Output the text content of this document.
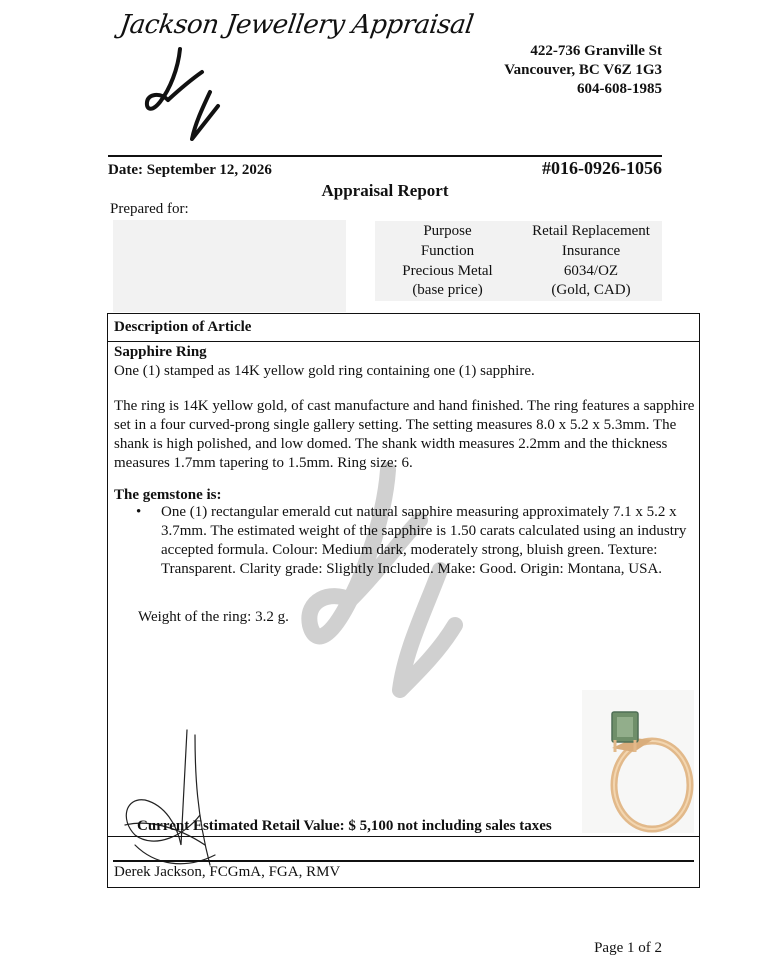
Jackson Jewellery Appraisal
422-736 Granville St
Vancouver, BC V6Z 1G3
604-608-1985
Date: September 12, 2026	#016-0926-1056
Appraisal Report
Prepared for:
Purpose	Retail Replacement
Function	Insurance
Precious Metal	6034/OZ
(base price)	(Gold, CAD)
Description of Article
Sapphire Ring
One (1) stamped as 14K yellow gold ring containing one (1) sapphire.
The ring is 14K yellow gold, of cast manufacture and hand finished. The ring features a sapphire set in a four curved-prong single gallery setting. The setting measures 8.0 x 5.2 x 5.3mm. The shank is high polished, and low domed. The shank width measures 2.2mm and the thickness measures 1.7mm tapering to 1.5mm. Ring size: 6.
The gemstone is:
• One (1) rectangular emerald cut natural sapphire measuring approximately 7.1 x 5.2 x 3.7mm. The estimated weight of the sapphire is 1.50 carats calculated using an industry accepted formula. Colour: Medium dark, moderately strong, bluish green. Texture: Transparent. Clarity grade: Slightly Included. Make: Good. Origin: Montana, USA.
Weight of the ring: 3.2 g.
Current Estimated Retail Value: $ 5,100 not including sales taxes
Derek Jackson, FCGmA, FGA, RMV
Page 1 of 2
